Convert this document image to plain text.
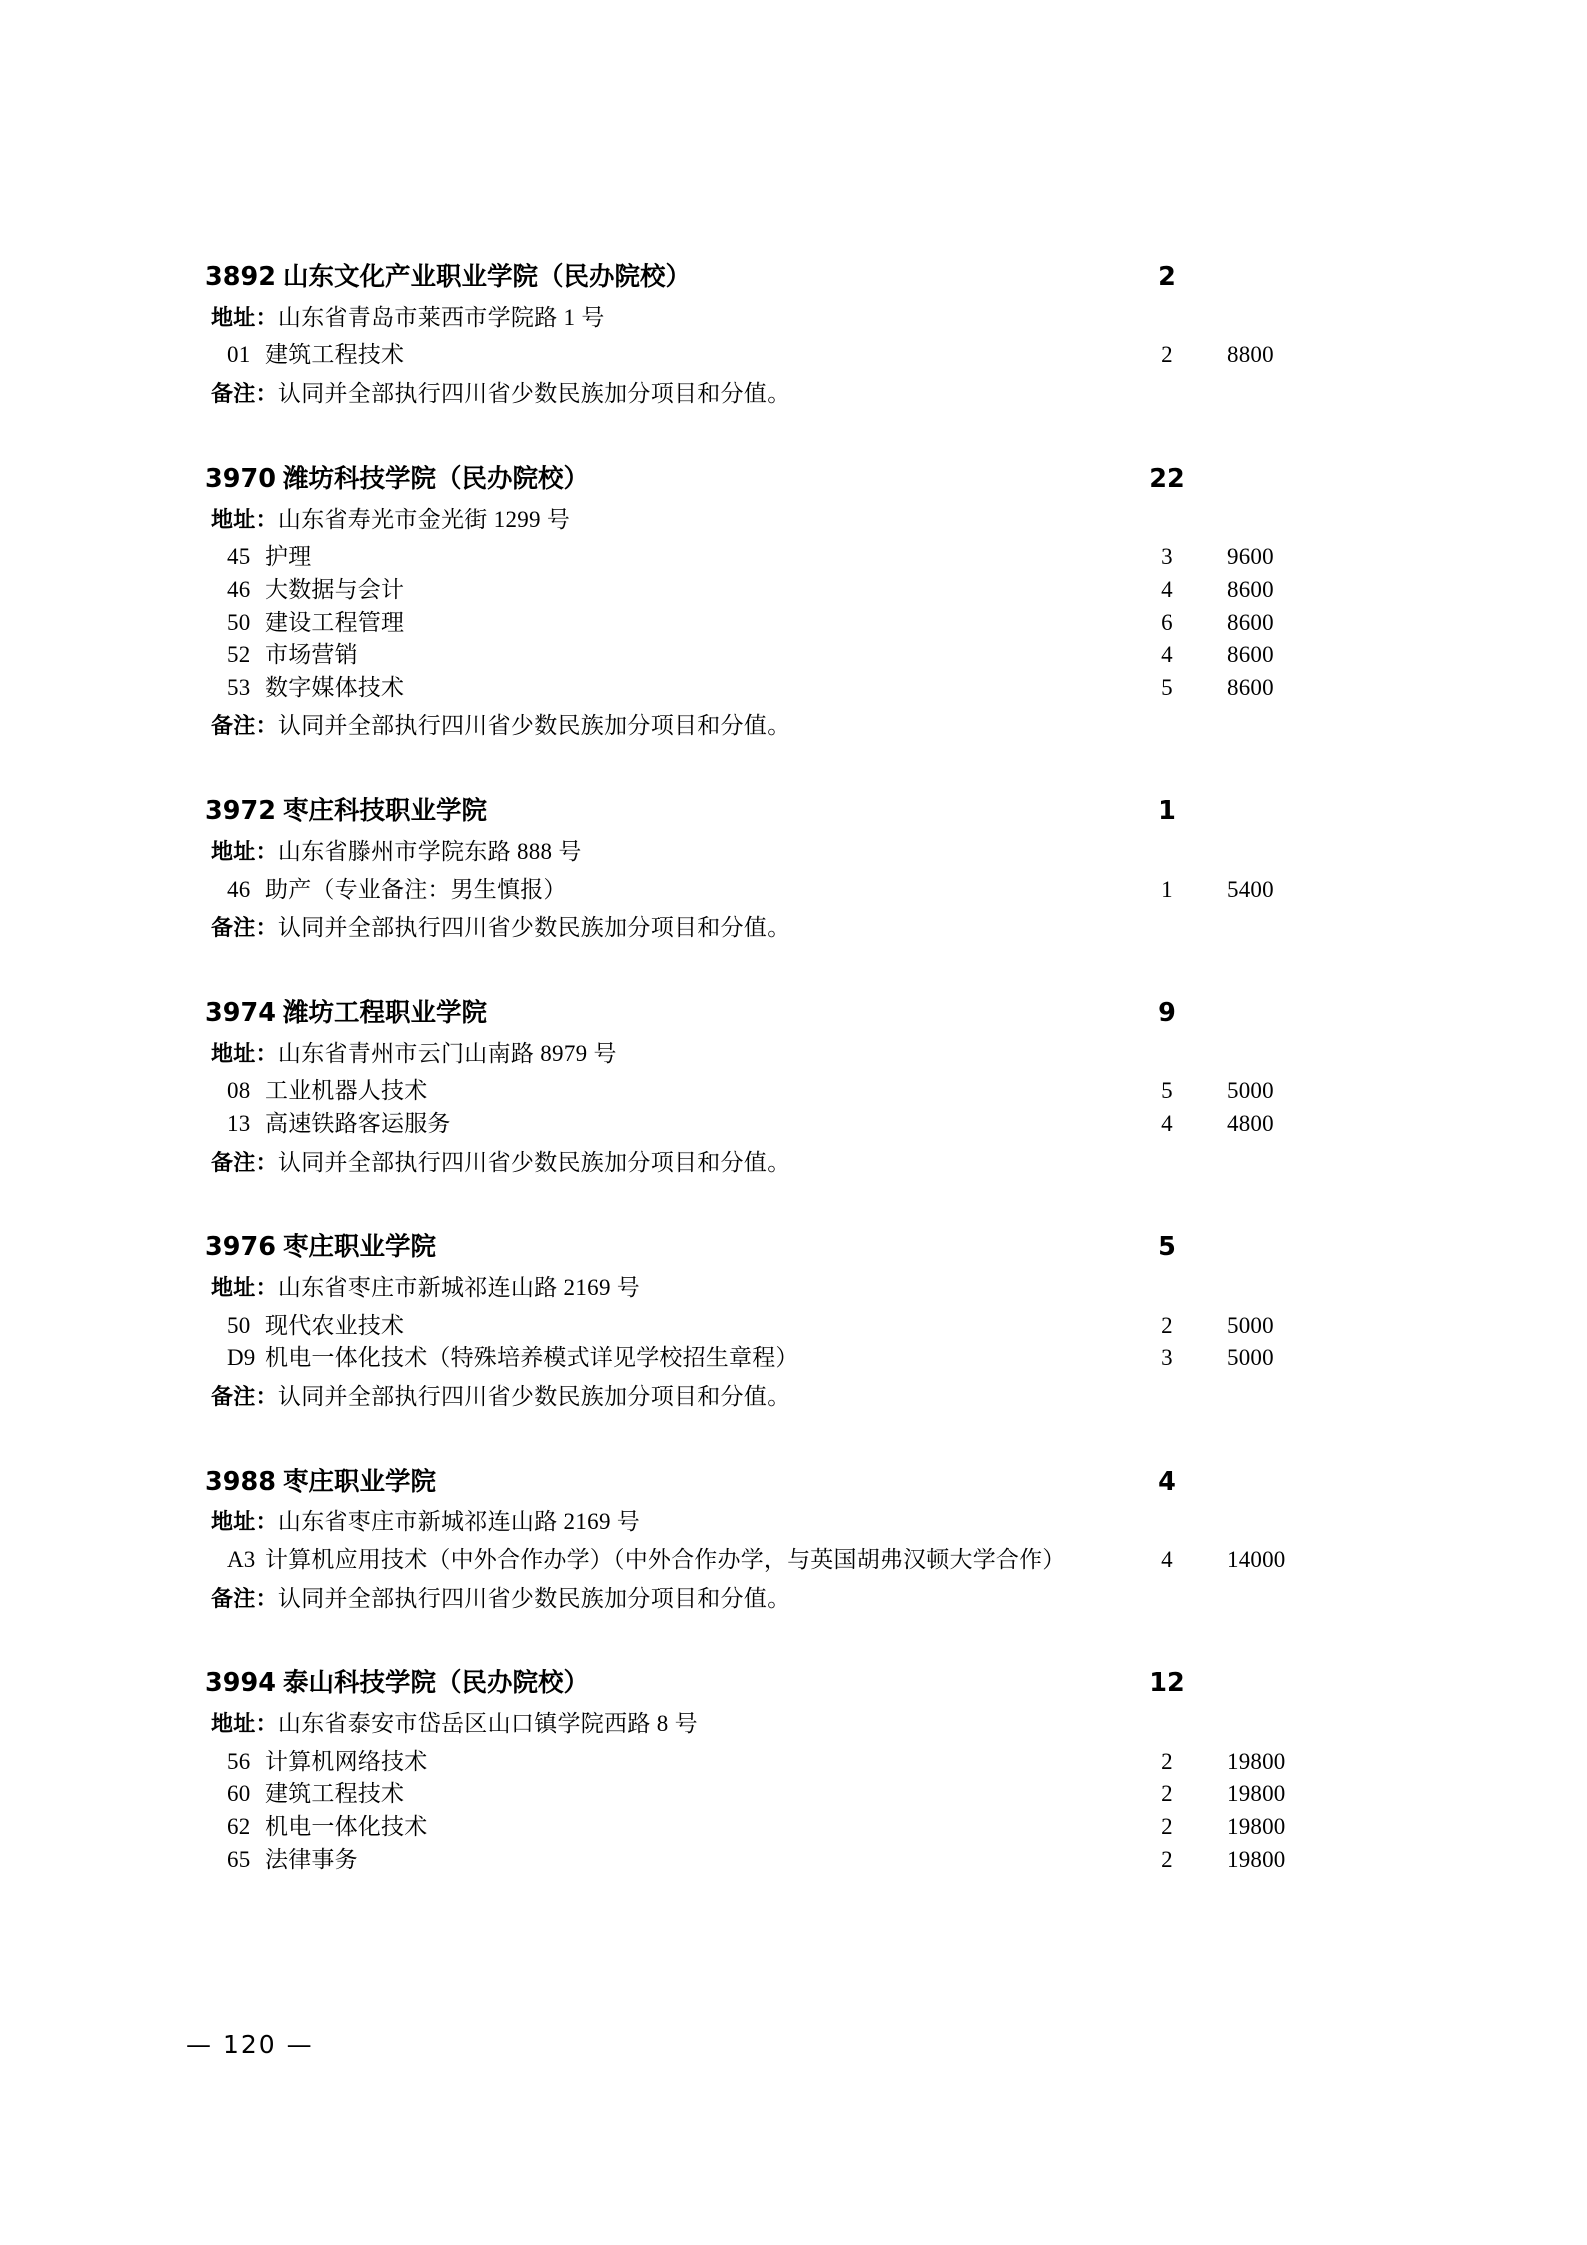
3892 山东文化产业职业学院（民办院校）	2
地址： 山东省青岛市莱西市学院路 1 号
01 建筑工程技术	2	8800
备注： 认同并全部执行四川省少数民族加分项目和分值。
3970 潍坊科技学院（民办院校）	22
地址： 山东省寿光市金光街 1299 号
45 护理	3	9600
46 大数据与会计	4	8600
50 建设工程管理	6	8600
52 市场营销	4	8600
53 数字媒体技术	5	8600
备注： 认同并全部执行四川省少数民族加分项目和分值。
3972 枣庄科技职业学院	1
地址： 山东省滕州市学院东路 888 号
46 助产（专业备注：男生慎报）	1	5400
备注： 认同并全部执行四川省少数民族加分项目和分值。
3974 潍坊工程职业学院	9
地址： 山东省青州市云门山南路 8979 号
08 工业机器人技术	5	5000
13 高速铁路客运服务	4	4800
备注： 认同并全部执行四川省少数民族加分项目和分值。
3976 枣庄职业学院	5
地址： 山东省枣庄市新城祁连山路 2169 号
50 现代农业技术	2	5000
D9 机电一体化技术（特殊培养模式详见学校招生章程）	3	5000
备注： 认同并全部执行四川省少数民族加分项目和分值。
3988 枣庄职业学院	4
地址： 山东省枣庄市新城祁连山路 2169 号
A3 计算机应用技术（中外合作办学）（中外合作办学，与英国胡弗汉顿大学合作）	4	14000
备注： 认同并全部执行四川省少数民族加分项目和分值。
3994 泰山科技学院（民办院校）	12
地址： 山东省泰安市岱岳区山口镇学院西路 8 号
56 计算机网络技术	2	19800
60 建筑工程技术	2	19800
62 机电一体化技术	2	19800
65 法律事务	2	19800
— 120 —
